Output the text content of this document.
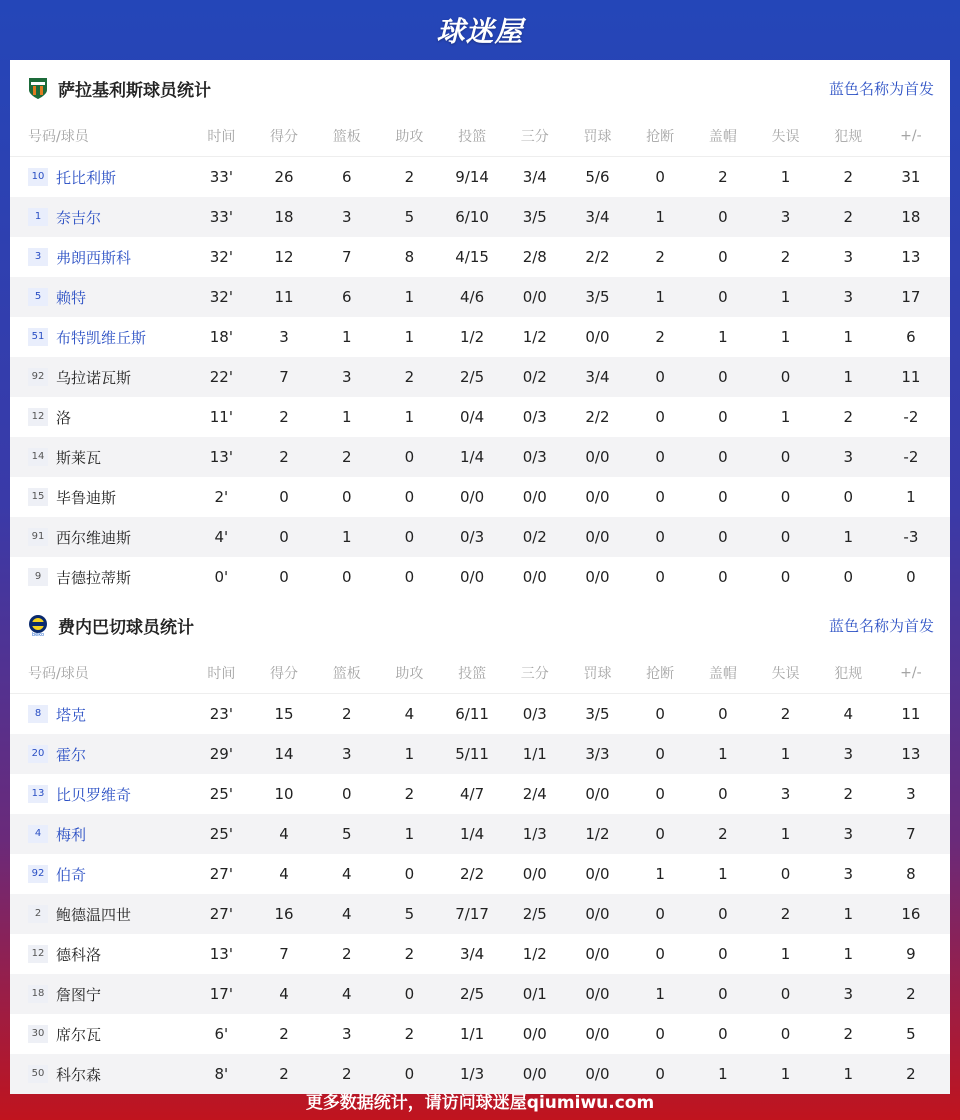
球迷屋
萨拉基利斯球员统计	蓝色名称为首发
号码/球员	时间	得分	篮板	助攻	投篮	三分	罚球	抢断	盖帽	失误	犯规	+/-
10 托比利斯	33'	26	6	2	9/14	3/4	5/6	0	2	1	2	31
1 奈吉尔	33'	18	3	5	6/10	3/5	3/4	1	0	3	2	18
3 弗朗西斯科	32'	12	7	8	4/15	2/8	2/2	2	0	2	3	13
5 赖特	32'	11	6	1	4/6	0/0	3/5	1	0	1	3	17
51 布特凯维丘斯	18'	3	1	1	1/2	1/2	0/0	2	1	1	1	6
92 乌拉诺瓦斯	22'	7	3	2	2/5	0/2	3/4	0	0	0	1	11
12 洛	11'	2	1	1	0/4	0/3	2/2	0	0	1	2	-2
14 斯莱瓦	13'	2	2	0	1/4	0/3	0/0	0	0	0	3	-2
15 毕鲁迪斯	2'	0	0	0	0/0	0/0	0/0	0	0	0	0	1
91 西尔维迪斯	4'	0	1	0	0/3	0/2	0/0	0	0	0	1	-3
9 吉德拉蒂斯	0'	0	0	0	0/0	0/0	0/0	0	0	0	0	0
beko 费内巴切球员统计	蓝色名称为首发
号码/球员	时间	得分	篮板	助攻	投篮	三分	罚球	抢断	盖帽	失误	犯规	+/-
8 塔克	23'	15	2	4	6/11	0/3	3/5	0	0	2	4	11
20 霍尔	29'	14	3	1	5/11	1/1	3/3	0	1	1	3	13
13 比贝罗维奇	25'	10	0	2	4/7	2/4	0/0	0	0	3	2	3
4 梅利	25'	4	5	1	1/4	1/3	1/2	0	2	1	3	7
92 伯奇	27'	4	4	0	2/2	0/0	0/0	1	1	0	3	8
2 鲍德温四世	27'	16	4	5	7/17	2/5	0/0	0	0	2	1	16
12 德科洛	13'	7	2	2	3/4	1/2	0/0	0	0	1	1	9
18 詹图宁	17'	4	4	0	2/5	0/1	0/0	1	0	0	3	2
30 席尔瓦	6'	2	3	2	1/1	0/0	0/0	0	0	0	2	5
50 科尔森	8'	2	2	0	1/3	0/0	0/0	0	1	1	1	2
更多数据统计，请访问球迷屋qiumiwu.com
